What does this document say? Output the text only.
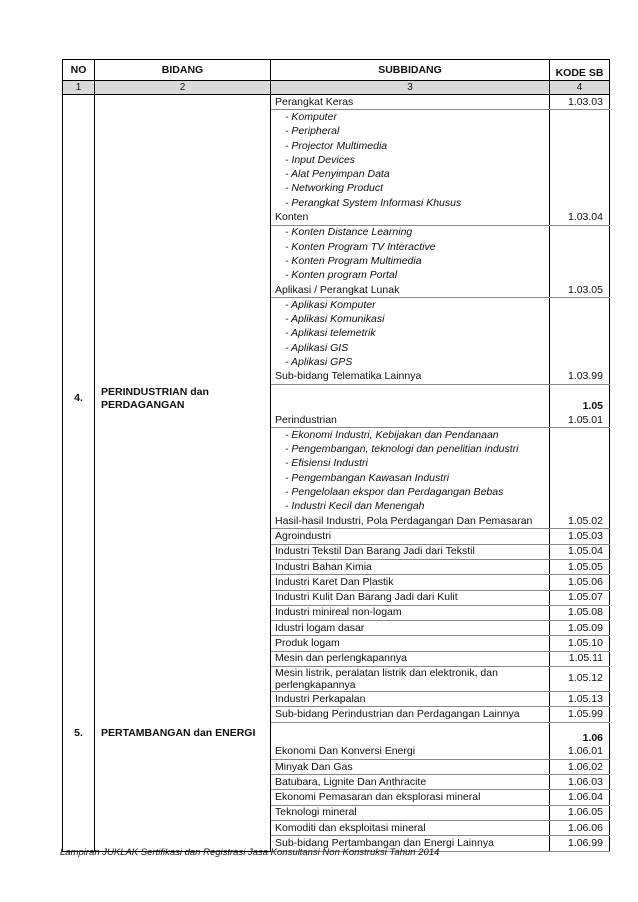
NO	BIDANG	SUBBIDANG	KODE SB
1	2	3	4
		Perangkat Keras	1.03.03
		- Komputer	
		- Peripheral	
		- Projector Multimedia	
		- Input Devices	
		- Alat Penyimpan Data	
		- Networking Product	
		- Perangkat System Informasi Khusus	
		Konten	1.03.04
		- Konten Distance Learning	
		- Konten Program TV Interactive	
		- Konten Program Multimedia	
		- Konten program Portal	
		Aplikasi / Perangkat Lunak	1.03.05
		- Aplikasi Komputer	
		- Aplikasi Komunikasi	
		- Aplikasi telemetrik	
		- Aplikasi GIS	
		- Aplikasi GPS	
		Sub-bidang Telematika Lainnya	1.03.99
4.	PERINDUSTRIAN dan PERDAGANGAN		1.05
		Perindustrian	1.05.01
		- Ekonomi Industri, Kebijakan dan Pendanaan	
		- Pengembangan, teknologi dan penelitian industri	
		- Efisiensi Industri	
		- Pengembangan Kawasan Industri	
		- Pengelolaan ekspor dan Perdagangan Bebas	
		- Industri Kecil dan Menengah	
		Hasil-hasil Industri, Pola Perdagangan Dan Pemasaran	1.05.02
		Agroindustri	1.05.03
		Industri Tekstil Dan Barang Jadi dari Tekstil	1.05.04
		Industri Bahan Kimia	1.05.05
		Industri Karet Dan Plastik	1.05.06
		Industri Kulit Dan Barang Jadi dari Kulit	1.05.07
		Industri minireal non-logam	1.05.08
		Idustri logam dasar	1.05.09
		Produk logam	1.05.10
		Mesin dan perlengkapannya	1.05.11
		Mesin listrik, peralatan listrik dan elektronik, dan perlengkapannya	1.05.12
		Industri Perkapalan	1.05.13
		Sub-bidang Perindustrian dan Perdagangan Lainnya	1.05.99
5.	PERTAMBANGAN dan ENERGI		1.06
		Ekonomi Dan Konversi Energi	1.06.01
		Minyak Dan Gas	1.06.02
		Batubara, Lignite Dan Anthracite	1.06.03
		Ekonomi Pemasaran dan eksplorasi mineral	1.06.04
		Teknologi mineral	1.06.05
		Komoditi dan eksploitasi mineral	1.06.06
		Sub-bidang Pertambangan dan Energi Lainnya	1.06.99
Lampiran JUKLAK Sertifikasi dan Registrasi Jasa Konsultansi Non Konstruksi Tahun 2014
